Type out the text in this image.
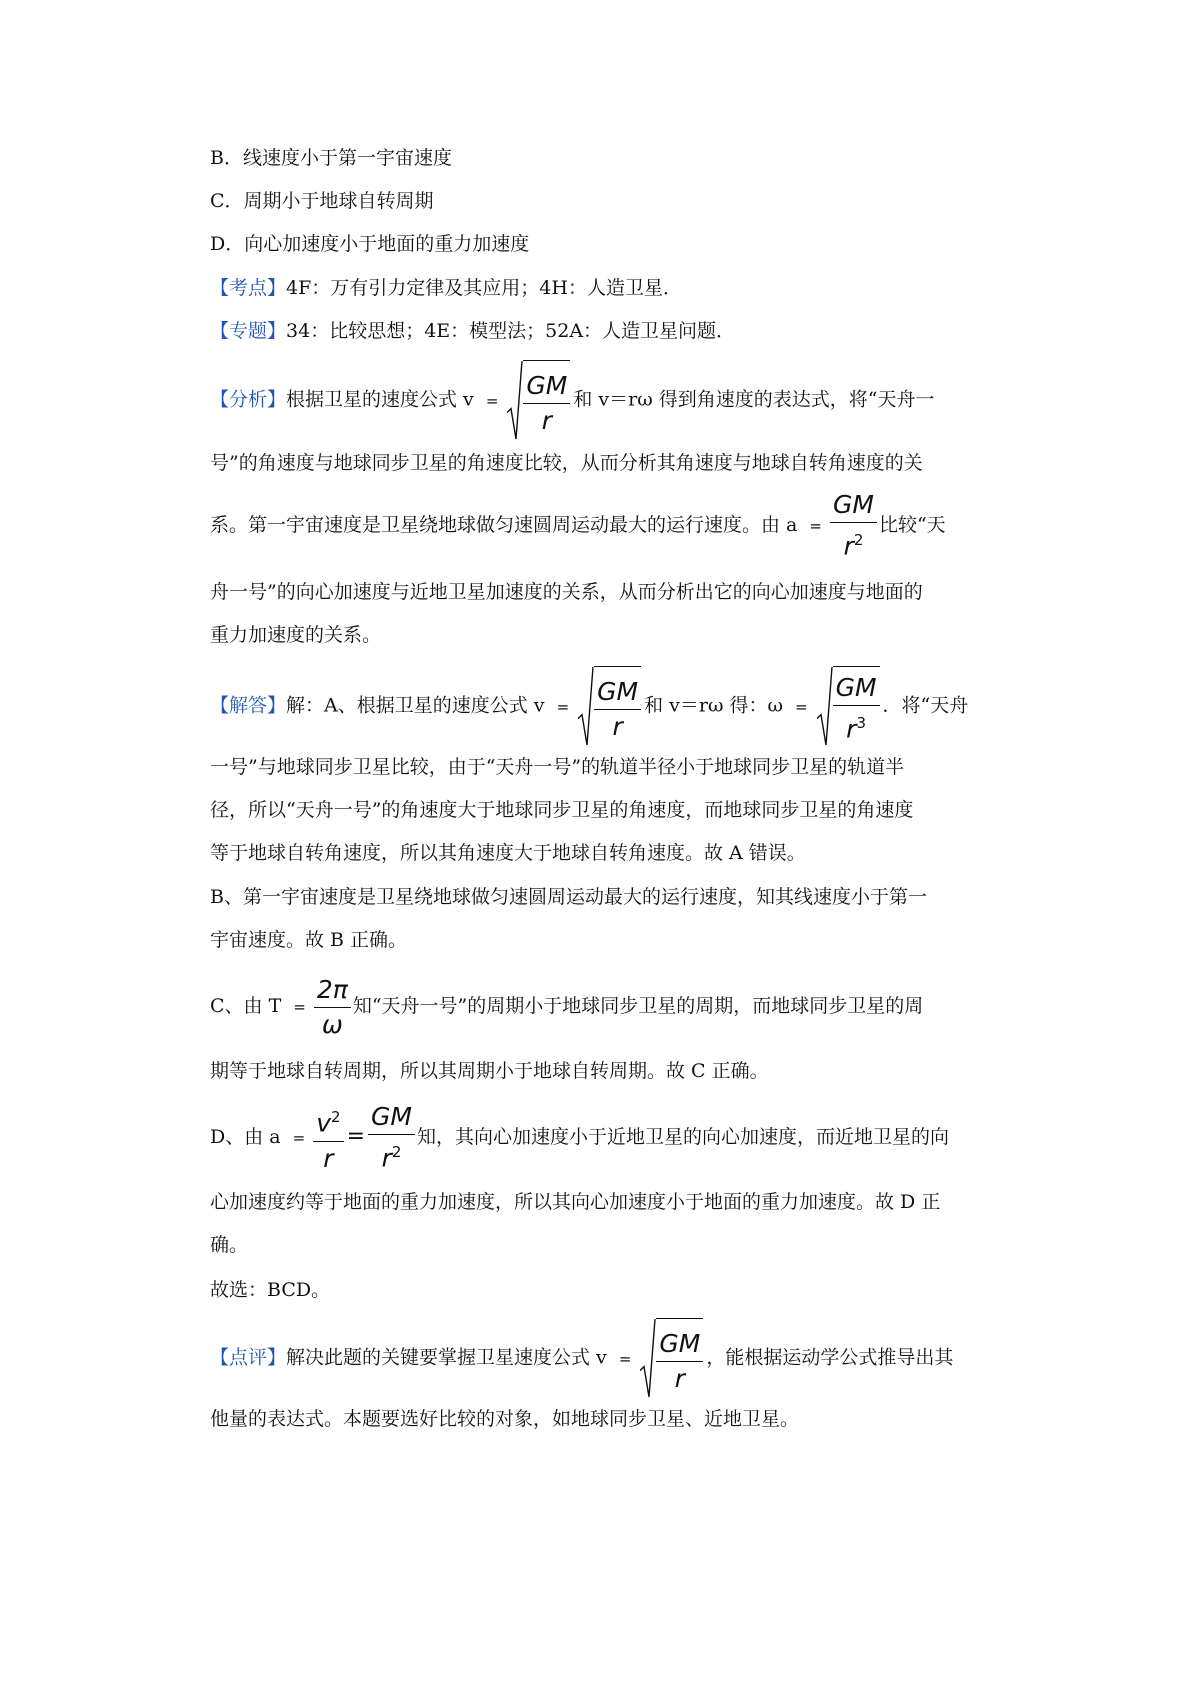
B．线速度小于第一宇宙速度
C．周期小于地球自转周期
D．向心加速度小于地面的重力加速度
【考点】4F：万有引力定律及其应用；4H：人造卫星．
【专题】34：比较思想；4E：模型法；52A：人造卫星问题．
【分析】根据卫星的速度公式 $v = \frac{GM}{r}$ 和 v＝rω 得到角速度的表达式，将“天舟一
号”的角速度与地球同步卫星的角速度比较，从而分析其角速度与地球自转角速度的关
系。第一宇宙速度是卫星绕地球做匀速圆周运动最大的运行速度。由 $a = \frac{GM}{r^2}$ 比较“天
舟一号”的向心加速度与近地卫星加速度的关系，从而分析出它的向心加速度与地面的
重力加速度的关系。
【解答】解：A、根据卫星的速度公式 $v = \frac{GM}{r}$ 和 v＝rω 得：$\omega = \frac{GM}{r^3}$ ．将“天舟
一号”与地球同步卫星比较，由于“天舟一号”的轨道半径小于地球同步卫星的轨道半
径，所以“天舟一号”的角速度大于地球同步卫星的角速度，而地球同步卫星的角速度
等于地球自转角速度，所以其角速度大于地球自转角速度。故 A 错误。
B、第一宇宙速度是卫星绕地球做匀速圆周运动最大的运行速度，知其线速度小于第一
宇宙速度。故 B 正确。
C、由 $T = \frac{2\pi}{\omega}$ 知“天舟一号”的周期小于地球同步卫星的周期，而地球同步卫星的周
期等于地球自转周期，所以其周期小于地球自转周期。故 C 正确。
D、由 $a = \frac{v^2}{r} = \frac{GM}{r^2}$ 知，其向心加速度小于近地卫星的向心加速度，而近地卫星的向
心加速度约等于地面的重力加速度，所以其向心加速度小于地面的重力加速度。故 D 正
确。
故选：BCD。
【点评】解决此题的关键要掌握卫星速度公式 $v = \frac{GM}{r}$ ，能根据运动学公式推导出其
他量的表达式。本题要选好比较的对象，如地球同步卫星、近地卫星。
